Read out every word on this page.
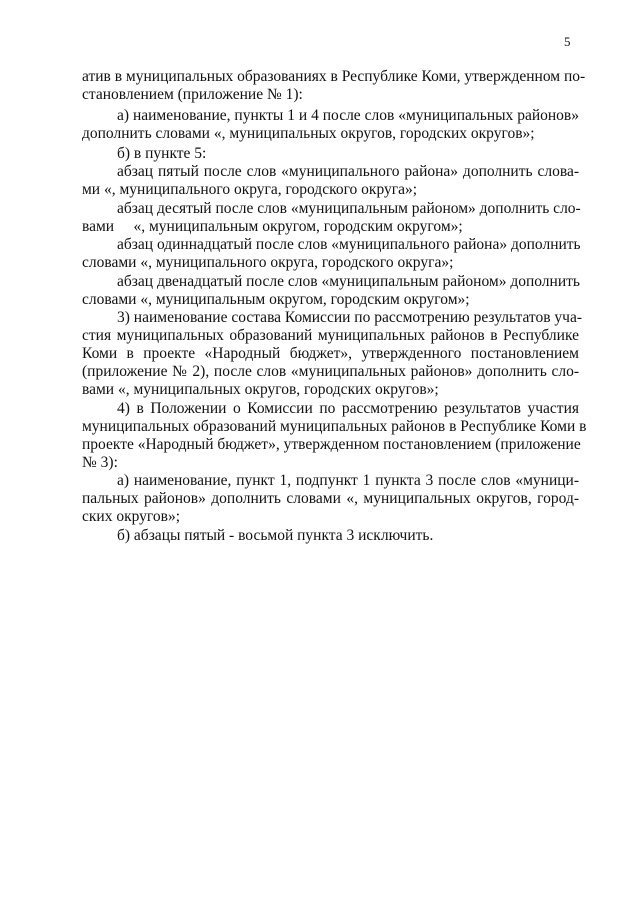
5
атив в муниципальных образованиях в Республике Коми, утвержденном по-
становлением (приложение № 1):
а) наименование, пункты 1 и 4 после слов «муниципальных районов»
дополнить словами «, муниципальных округов, городских округов»;
б) в пункте 5:
абзац пятый после слов «муниципального района» дополнить слова-
ми «, муниципального округа, городского округа»;
абзац десятый после слов «муниципальным районом» дополнить сло-
вами     «, муниципальным округом, городским округом»;
абзац одиннадцатый после слов «муниципального района» дополнить
словами «, муниципального округа, городского округа»;
абзац двенадцатый после слов «муниципальным районом» дополнить
словами «, муниципальным округом, городским округом»;
3) наименование состава Комиссии по рассмотрению результатов уча-
стия муниципальных образований муниципальных районов в Республике
Коми в проекте «Народный бюджет», утвержденного постановлением
(приложение № 2), после слов «муниципальных районов» дополнить сло-
вами «, муниципальных округов, городских округов»;
4) в Положении о Комиссии по рассмотрению результатов участия
муниципальных образований муниципальных районов в Республике Коми в
проекте «Народный бюджет», утвержденном постановлением (приложение
№ 3):
а) наименование, пункт 1, подпункт 1 пункта 3 после слов «муници-
пальных районов» дополнить словами «, муниципальных округов, город-
ских округов»;
б) абзацы пятый - восьмой пункта 3 исключить.
